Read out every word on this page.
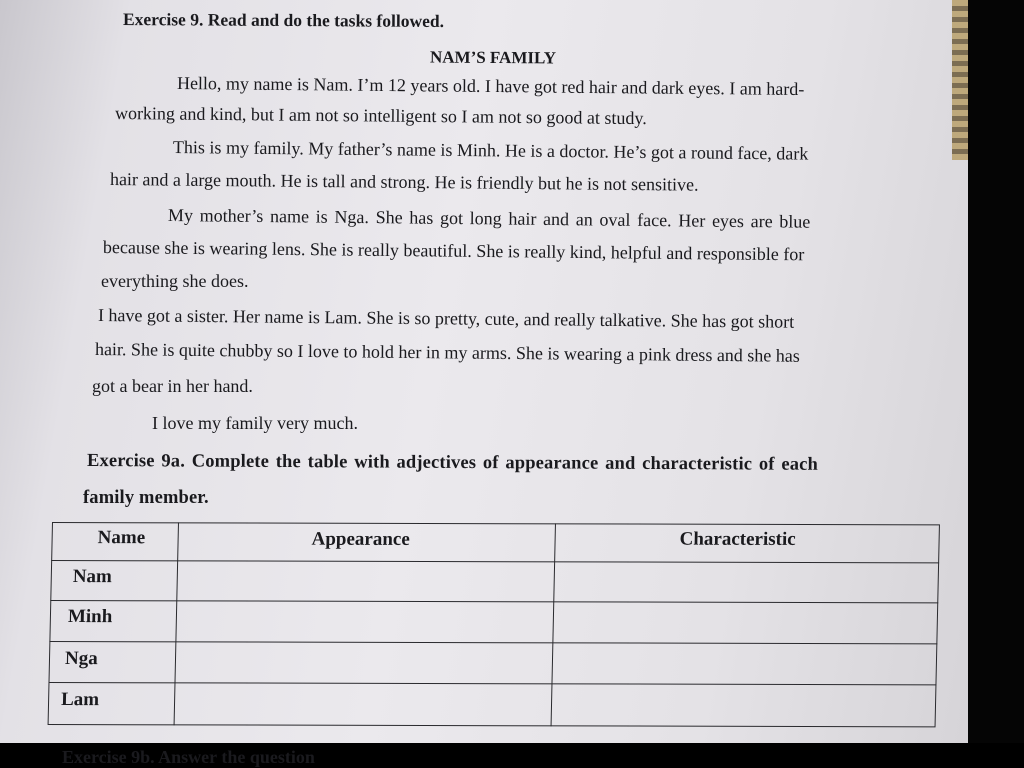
Exercise 9. Read and do the tasks followed.

NAM’S FAMILY

Hello, my name is Nam. I’m 12 years old. I have got red hair and dark eyes. I am hard-

working and kind, but I am not so intelligent so I am not so good at study.

This is my family. My father’s name is Minh. He is a doctor. He’s got a round face, dark

hair and a large mouth. He is tall and strong. He is friendly but he is not sensitive.

My mother’s name is Nga. She has got long hair and an oval face. Her eyes are blue

because she is wearing lens. She is really beautiful. She is really kind, helpful and responsible for

everything she does.

I have got a sister. Her name is Lam. She is so pretty, cute, and really talkative. She has got short

hair. She is quite chubby so I love to hold her in my arms. She is wearing a pink dress and she has

got a bear in her hand.

I love my family very much.

Exercise 9a. Complete the table with adjectives of appearance and characteristic of each

family member.

Name	Appearance	Characteristic
Nam
Minh
Nga
Lam

Exercise 9b. Answer the question
